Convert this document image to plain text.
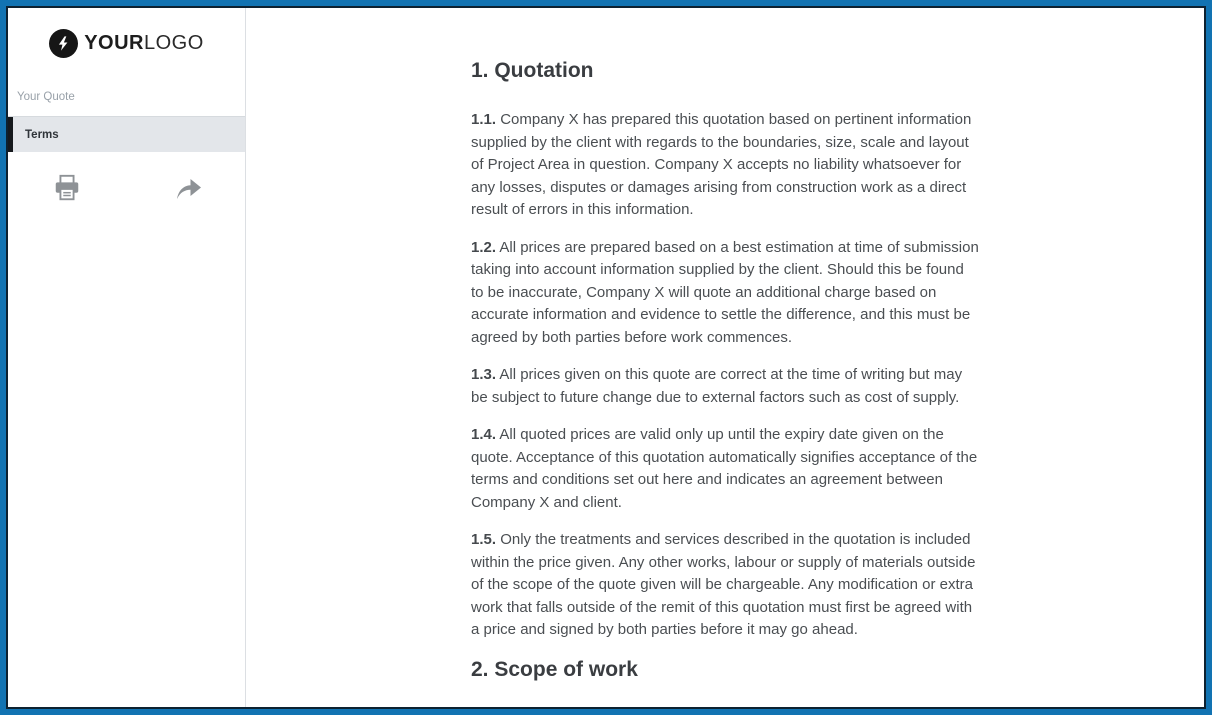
YOURLOGO
Your Quote
Terms
1. Quotation

1.1. Company X has prepared this quotation based on pertinent information supplied by the client with regards to the boundaries, size, scale and layout of Project Area in question. Company X accepts no liability whatsoever for any losses, disputes or damages arising from construction work as a direct result of errors in this information.

1.2. All prices are prepared based on a best estimation at time of submission taking into account information supplied by the client. Should this be found to be inaccurate, Company X will quote an additional charge based on accurate information and evidence to settle the difference, and this must be agreed by both parties before work commences.

1.3. All prices given on this quote are correct at the time of writing but may be subject to future change due to external factors such as cost of supply.

1.4. All quoted prices are valid only up until the expiry date given on the quote. Acceptance of this quotation automatically signifies acceptance of the terms and conditions set out here and indicates an agreement between Company X and client.

1.5. Only the treatments and services described in the quotation is included within the price given. Any other works, labour or supply of materials outside of the scope of the quote given will be chargeable. Any modification or extra work that falls outside of the remit of this quotation must first be agreed with a price and signed by both parties before it may go ahead.

2. Scope of work
